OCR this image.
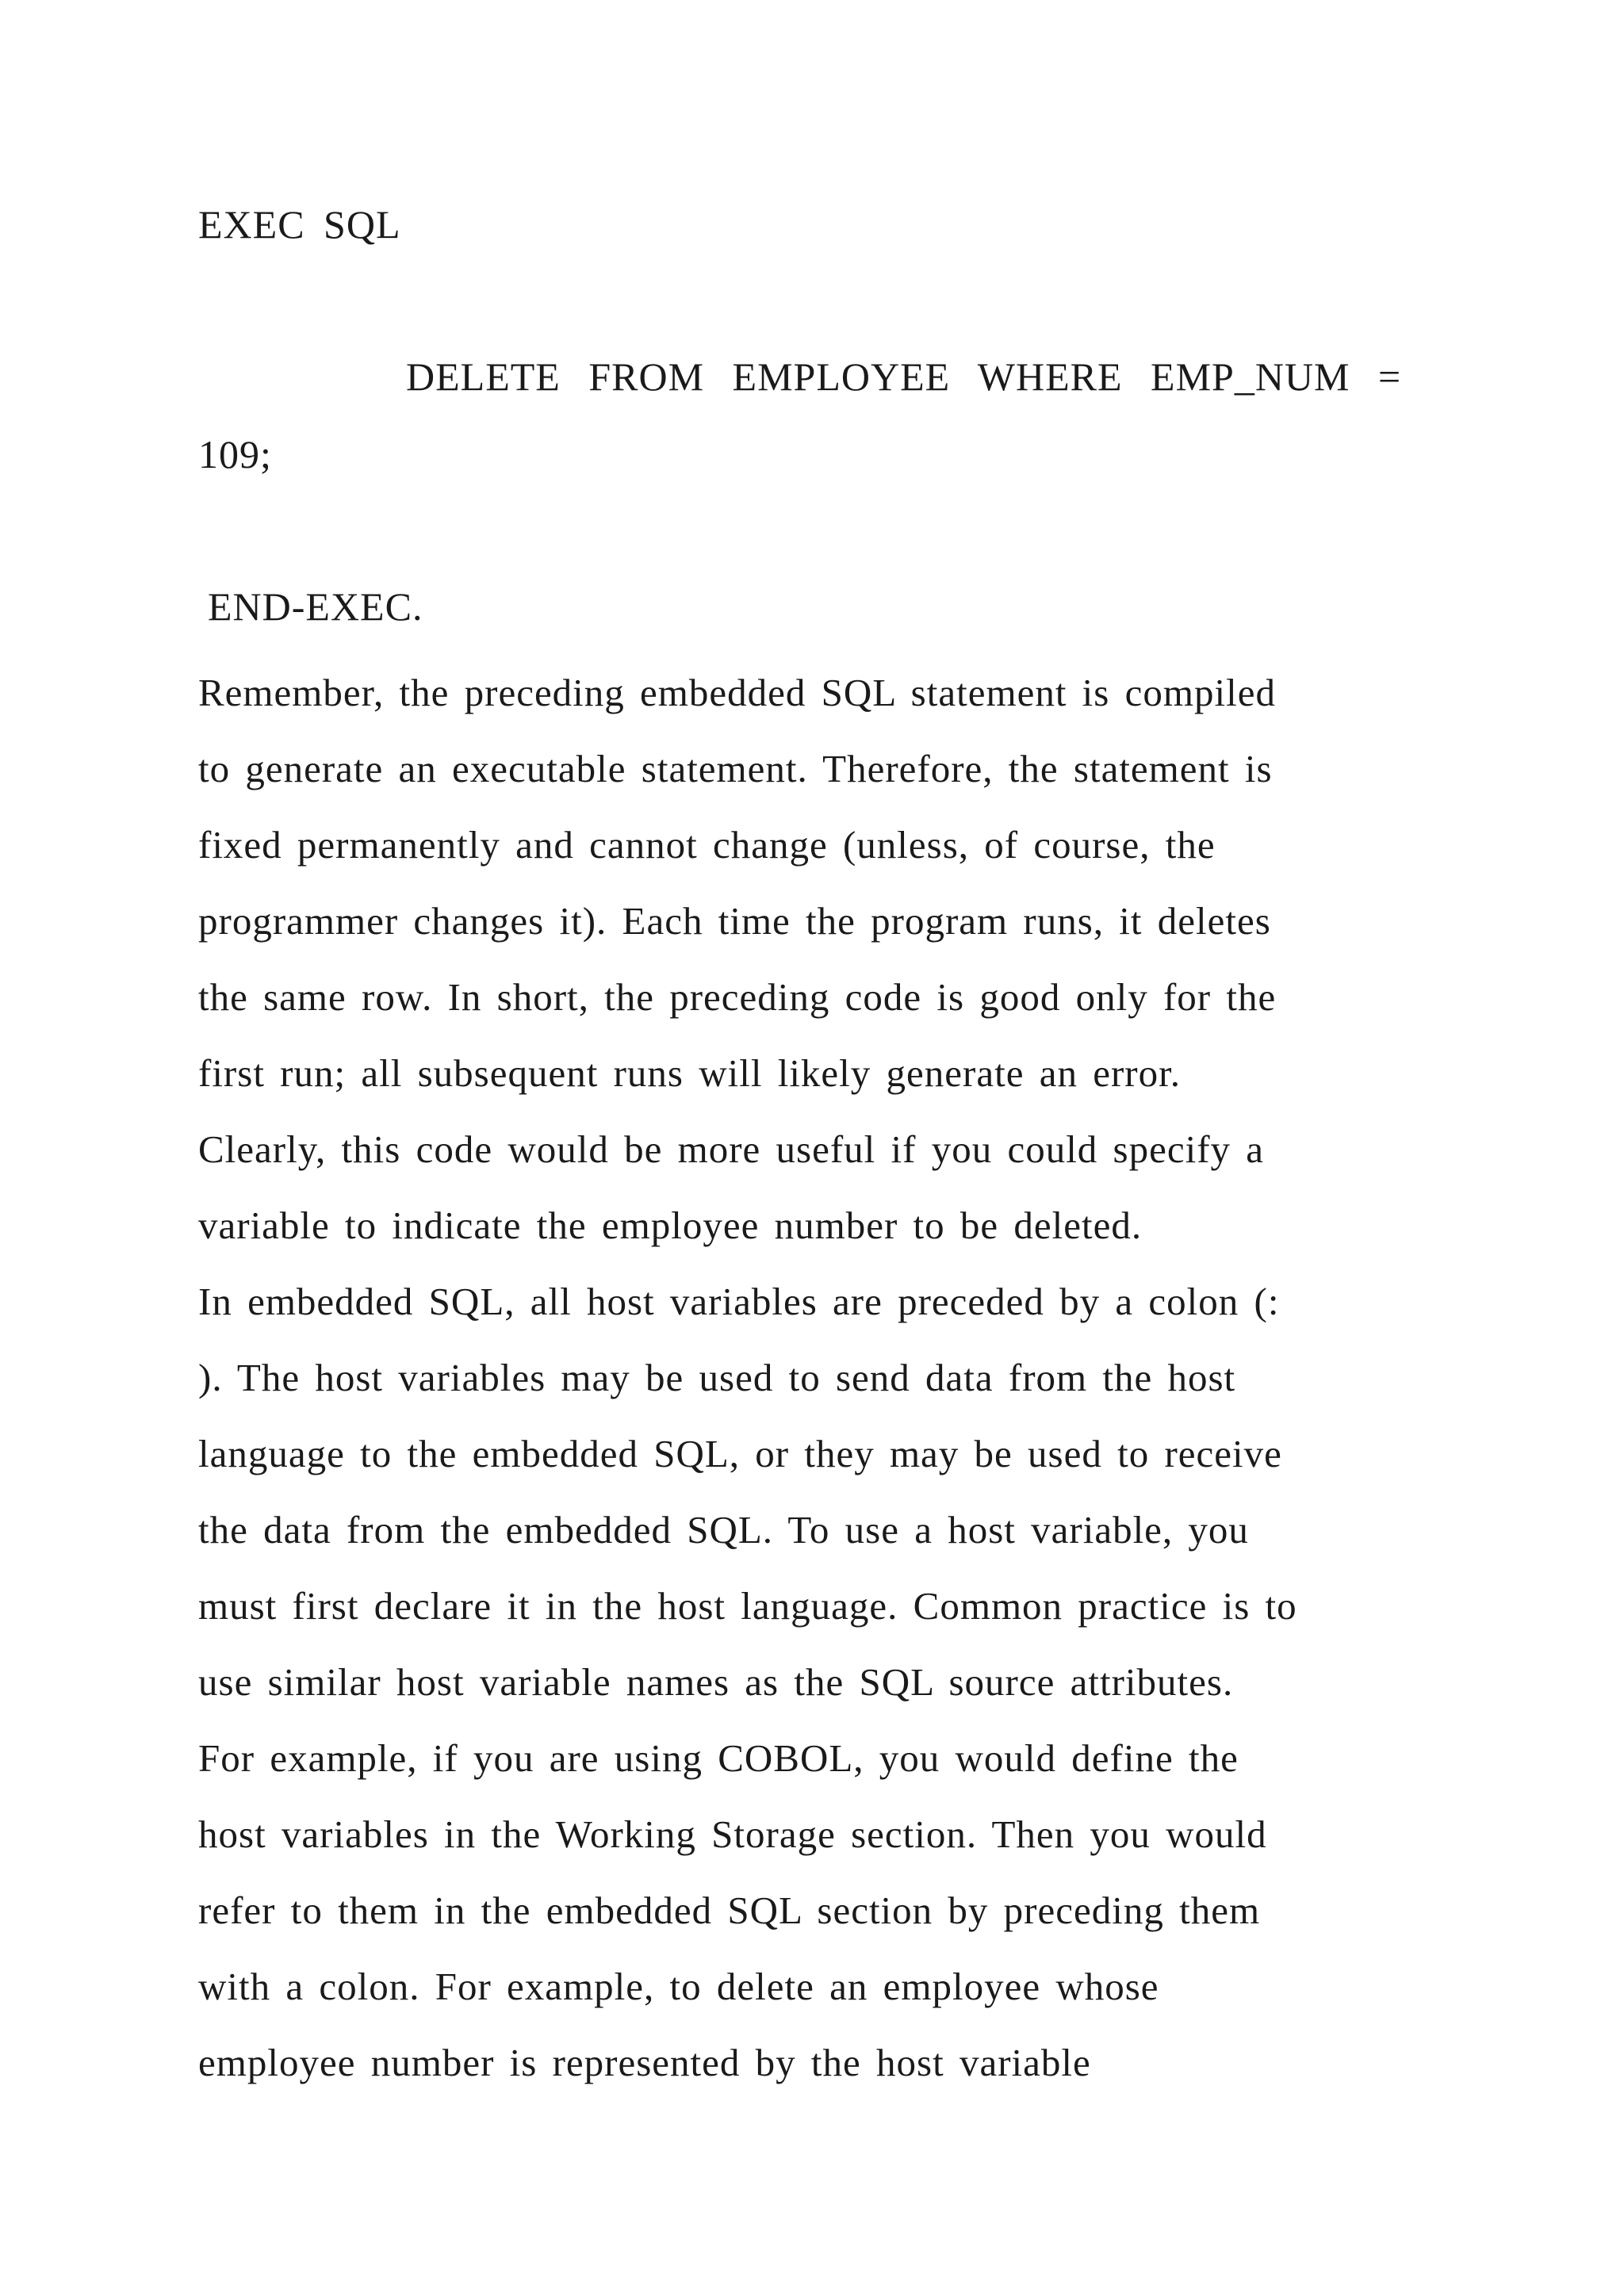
EXEC SQL
DELETE FROM EMPLOYEE WHERE EMP_NUM =
109;
END-EXEC.
Remember, the preceding embedded SQL statement is compiled
to generate an executable statement. Therefore, the statement is
fixed permanently and cannot change (unless, of course, the
programmer changes it). Each time the program runs, it deletes
the same row. In short, the preceding code is good only for the
first run; all subsequent runs will likely generate an error.
Clearly, this code would be more useful if you could specify a
variable to indicate the employee number to be deleted.
In embedded SQL, all host variables are preceded by a colon (:
). The host variables may be used to send data from the host
language to the embedded SQL, or they may be used to receive
the data from the embedded SQL. To use a host variable, you
must first declare it in the host language. Common practice is to
use similar host variable names as the SQL source attributes.
For example, if you are using COBOL, you would define the
host variables in the Working Storage section. Then you would
refer to them in the embedded SQL section by preceding them
with a colon. For example, to delete an employee whose
employee number is represented by the host variable
